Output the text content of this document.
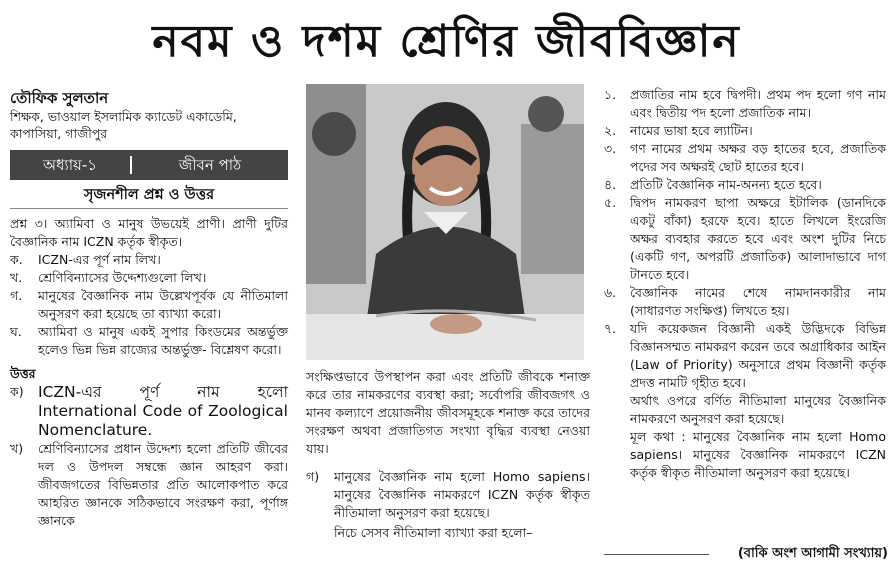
নবম ও দশম শ্রেণির জীববিজ্ঞান
তৌফিক সুলতান
শিক্ষক, ভাওয়াল ইসলামিক ক্যাডেট একাডেমি, কাপাসিয়া, গাজীপুর
অধ্যায়-১	জীবন পাঠ
সৃজনশীল প্রশ্ন ও উত্তর
প্রশ্ন ৩। অ্যামিবা ও মানুষ উভয়েই প্রাণী। প্রাণী দুটির বৈজ্ঞানিক নাম ICZN কর্তৃক স্বীকৃত।
ক.	ICZN-এর পূর্ণ নাম লিখ।
খ.	শ্রেণিবিন্যাসের উদ্দেশ্যগুলো লিখ।
গ.	মানুষের বৈজ্ঞানিক নাম উল্লেখপূর্বক যে নীতিমালা অনুসরণ করা হয়েছে তা ব্যাখ্যা করো।
ঘ.	অ্যামিবা ও মানুষ একই সুপার কিংডমের অন্তর্ভুক্ত হলেও ভিন্ন ভিন্ন রাজ্যের অন্তর্ভুক্ত- বিশ্লেষণ করো।
উত্তর
ক) ICZN-এর পূর্ণ নাম হলো International Code of Zoological Nomenclature.
খ)	শ্রেণিবিন্যাসের প্রধান উদ্দেশ্য হলো প্রতিটি জীবের দল ও উপদল সম্বন্ধে জ্ঞান আহরণ করা। জীবজগতের বিভিন্নতার প্রতি আলোকপাত করে আহরিত জ্ঞানকে সঠিকভাবে সংরক্ষণ করা, পূর্ণাঙ্গ জ্ঞানকে
সংক্ষিপ্তভাবে উপস্থাপন করা এবং প্রতিটি জীবকে শনাক্ত করে তার নামকরণের ব্যবস্থা করা; সর্বোপরি জীবজগৎ ও মানব কল্যাণে প্রয়োজনীয় জীবসমূহকে শনাক্ত করে তাদের সংরক্ষণ অথবা প্রজাতিগত সংখ্যা বৃদ্ধির ব্যবস্থা নেওয়া যায়।
গ)	মানুষের বৈজ্ঞানিক নাম হলো Homo sapiens। মানুষের বৈজ্ঞানিক নামকরণে ICZN কর্তৃক স্বীকৃত নীতিমালা অনুসরণ করা হয়েছে।
নিচে সেসব নীতিমালা ব্যাখ্যা করা হলো–
১.	প্রজাতির নাম হবে দ্বিপদী। প্রথম পদ হলো গণ নাম এবং দ্বিতীয় পদ হলো প্রজাতিক নাম।
২.	নামের ভাষা হবে ল্যাটিন।
৩.	গণ নামের প্রথম অক্ষর বড় হাতের হবে, প্রজাতিক পদের সব অক্ষরই ছোট হাতের হবে।
৪.	প্রতিটি বৈজ্ঞানিক নাম-অনন্য হতে হবে।
৫.	দ্বিপদ নামকরণ ছাপা অক্ষরে ইটালিক (ডানদিকে একটু বাঁকা) হরফে হবে। হাতে লিখলে ইংরেজি অক্ষর ব্যবহার করতে হবে এবং অংশ দুটির নিচে (একটি গণ, অপরটি প্রজাতিক) আলাদাভাবে দাগ টানতে হবে।
৬.	বৈজ্ঞানিক নামের শেষে নামদানকারীর নাম (সাধারণত সংক্ষিপ্ত) লিখতে হয়।
৭.	যদি কয়েকজন বিজ্ঞানী একই উদ্ভিদকে বিভিন্ন বিজ্ঞানসম্মত নামকরণ করেন তবে অগ্রাধিকার আইন (Law of Priority) অনুসারে প্রথম বিজ্ঞানী কর্তৃক প্রদত্ত নামটি গৃহীত হবে।
অর্থাৎ ওপরে বর্ণিত নীতিমালা মানুষের বৈজ্ঞানিক নামকরণে অনুসরণ করা হয়েছে।
মূল কথা : মানুষের বৈজ্ঞানিক নাম হলো Homo sapiens। মানুষের বৈজ্ঞানিক নামকরণে ICZN কর্তৃক স্বীকৃত নীতিমালা অনুসরণ করা হয়েছে।
(বাকি অংশ আগামী সংখ্যায়)
